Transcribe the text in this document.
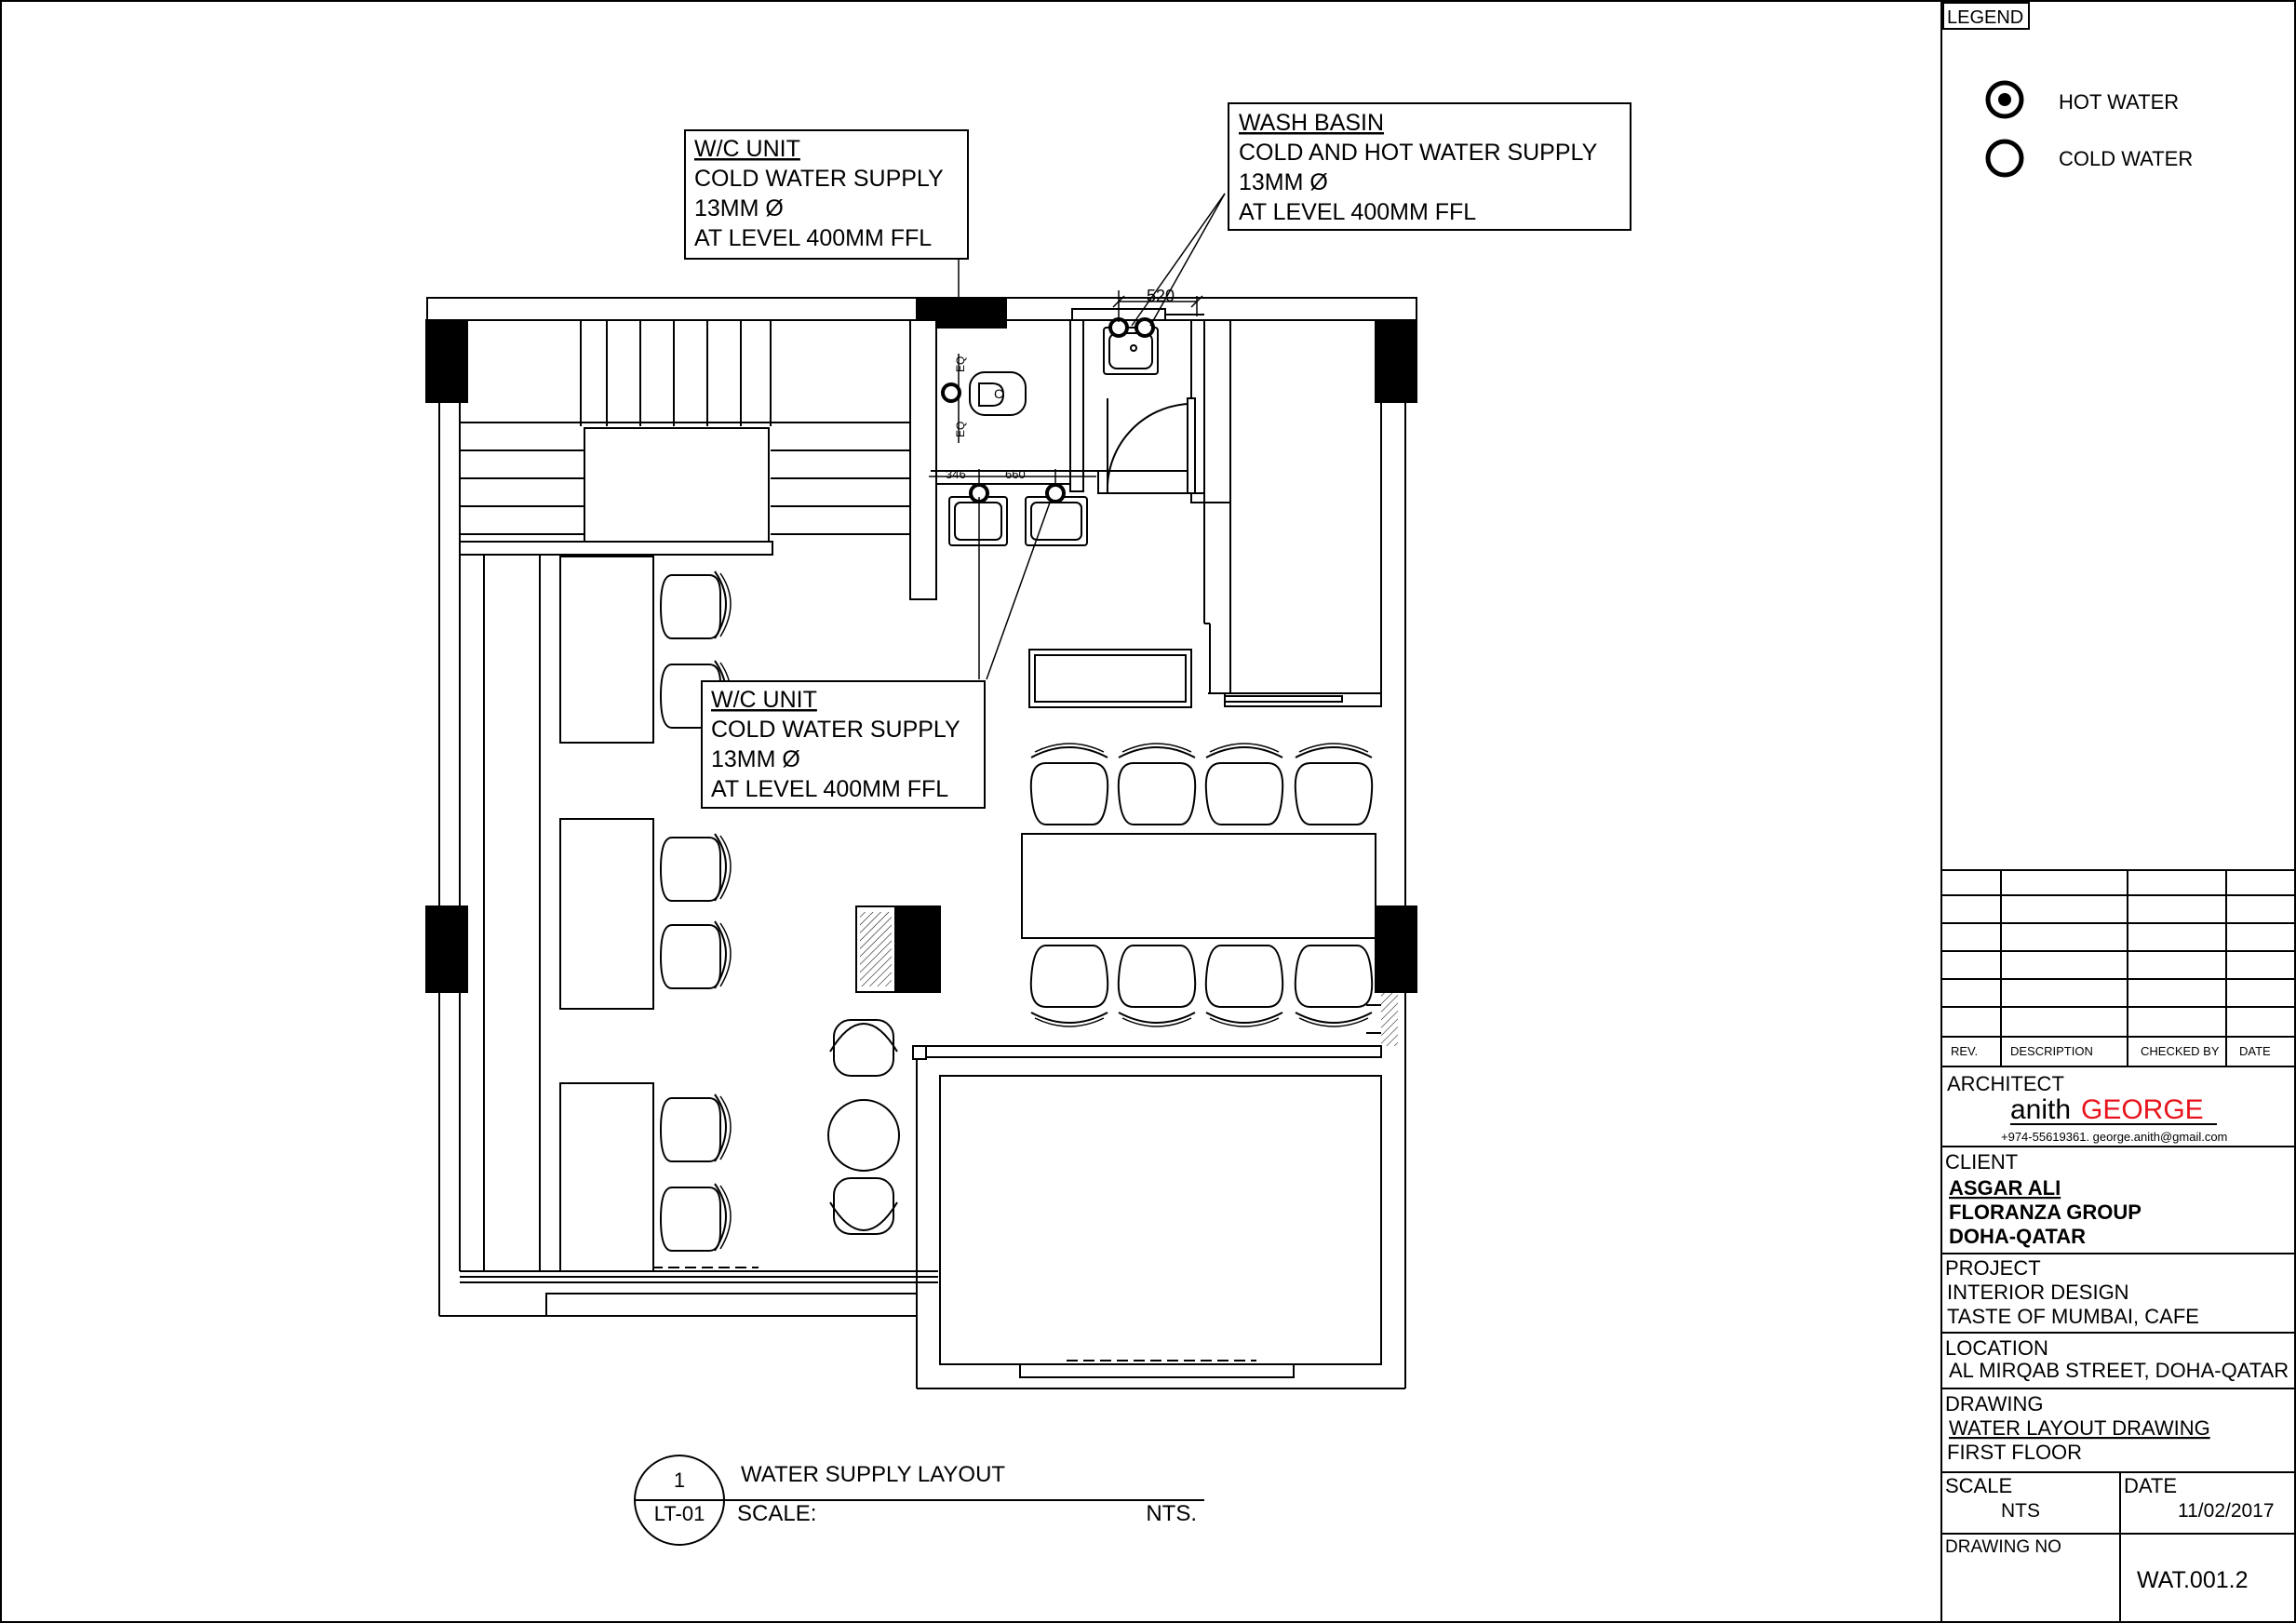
520
346	660
EQ
EQ
C
W/C UNIT
COLD WATER SUPPLY
13MM Ø
AT LEVEL 400MM FFL
WASH BASIN
COLD AND HOT WATER SUPPLY
13MM Ø
AT LEVEL 400MM FFL
W/C UNIT
COLD WATER SUPPLY
13MM Ø
AT LEVEL 400MM FFL
1
LT-01
WATER SUPPLY LAYOUT
SCALE:	NTS.
LEGEND
HOT WATER
COLD WATER
REV.	DESCRIPTION	CHECKED BY DATE
ARCHITECT
anith GEORGE
+974-55619361. george.anith@gmail.com
CLIENT
ASGAR ALI
FLORANZA GROUP
DOHA-QATAR
PROJECT
INTERIOR DESIGN
TASTE OF MUMBAI, CAFE
LOCATION
AL MIRQAB STREET, DOHA-QATAR
DRAWING
WATER LAYOUT DRAWING
FIRST FLOOR
SCALE
NTS
DATE
11/02/2017
DRAWING NO
WAT.001.2
